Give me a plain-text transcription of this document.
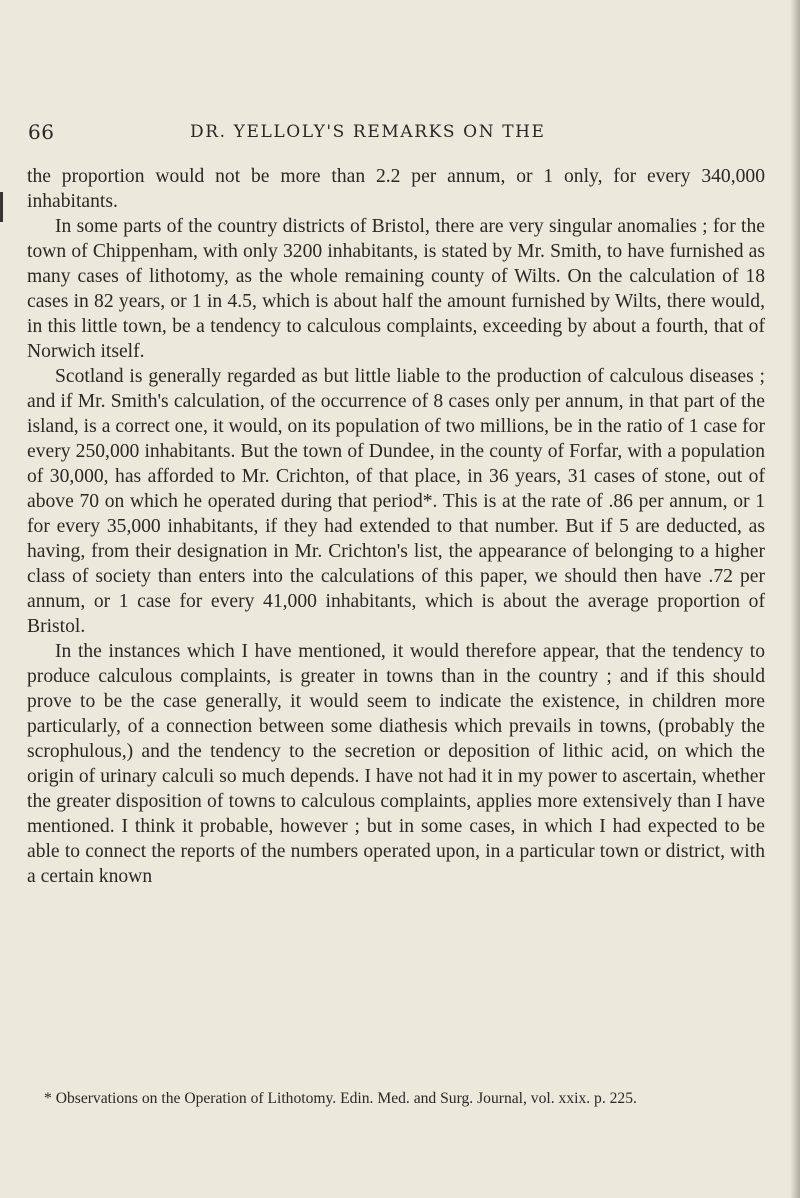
66	DR. YELLOLY'S REMARKS ON THE

the proportion would not be more than 2.2 per annum, or 1 only, for every 340,000 inhabitants.

In some parts of the country districts of Bristol, there are very singular anomalies ; for the town of Chippenham, with only 3200 inhabitants, is stated by Mr. Smith, to have furnished as many cases of lithotomy, as the whole remaining county of Wilts. On the calculation of 18 cases in 82 years, or 1 in 4.5, which is about half the amount furnished by Wilts, there would, in this little town, be a tendency to calculous complaints, exceeding by about a fourth, that of Norwich itself.

Scotland is generally regarded as but little liable to the production of calculous diseases ; and if Mr. Smith's calculation, of the occurrence of 8 cases only per annum, in that part of the island, is a correct one, it would, on its population of two millions, be in the ratio of 1 case for every 250,000 inhabitants. But the town of Dundee, in the county of Forfar, with a population of 30,000, has afforded to Mr. Crichton, of that place, in 36 years, 31 cases of stone, out of above 70 on which he operated during that period*. This is at the rate of .86 per annum, or 1 for every 35,000 inhabitants, if they had extended to that number. But if 5 are deducted, as having, from their designation in Mr. Crichton's list, the appearance of belonging to a higher class of society than enters into the calculations of this paper, we should then have .72 per annum, or 1 case for every 41,000 inhabitants, which is about the average proportion of Bristol.

In the instances which I have mentioned, it would therefore appear, that the tendency to produce calculous complaints, is greater in towns than in the country ; and if this should prove to be the case generally, it would seem to indicate the existence, in children more particularly, of a connection between some diathesis which prevails in towns, (probably the scrophulous,) and the tendency to the secretion or deposition of lithic acid, on which the origin of urinary calculi so much depends. I have not had it in my power to ascertain, whether the greater disposition of towns to calculous complaints, applies more extensively than I have mentioned. I think it probable, however ; but in some cases, in which I had expected to be able to connect the reports of the numbers operated upon, in a particular town or district, with a certain known

* Observations on the Operation of Lithotomy. Edin. Med. and Surg. Journal, vol. xxix. p. 225.
